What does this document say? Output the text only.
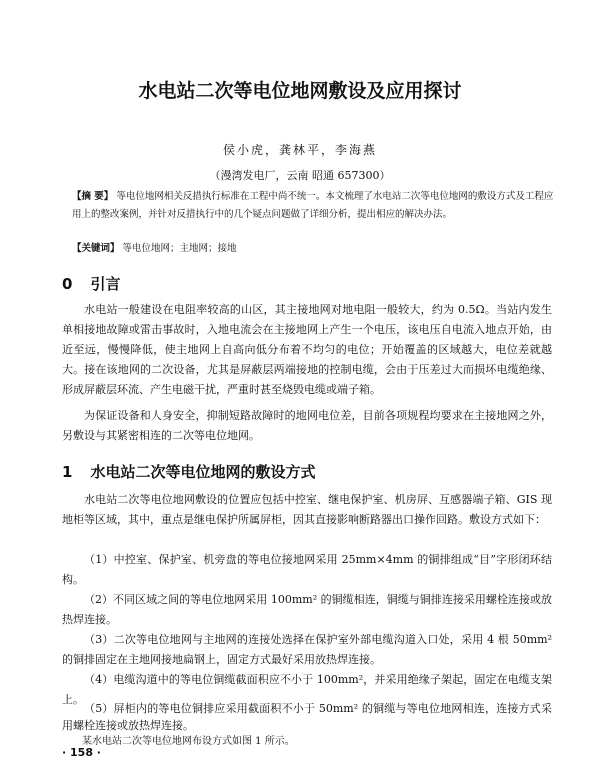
水电站二次等电位地网敷设及应用探讨
侯小虎，龚林平，李海燕
（漫湾发电厂，云南 昭通 657300）
【摘 要】 等电位地网相关反措执行标准在工程中尚不统一。本文梳理了水电站二次等电位地网的敷设方式及工程应用上的整改案例，并针对反措执行中的几个疑点问题做了详细分析，提出相应的解决办法。
【关键词】 等电位地网；主地网；接地
0 引言
水电站一般建设在电阻率较高的山区，其主接地网对地电阻一般较大，约为 0.5Ω。当站内发生单相接地故障或雷击事故时，入地电流会在主接地网上产生一个电压，该电压自电流入地点开始，由近至远，慢慢降低，使主地网上自高向低分布着不均匀的电位；开始覆盖的区域越大，电位差就越大。接在该地网的二次设备，尤其是屏蔽层两端接地的控制电缆，会由于压差过大而损坏电缆绝缘、形成屏蔽层环流、产生电磁干扰，严重时甚至烧毁电缆或端子箱。
为保证设备和人身安全，抑制短路故障时的地网电位差，目前各项规程均要求在主接地网之外，另敷设与其紧密相连的二次等电位地网。
1 水电站二次等电位地网的敷设方式
水电站二次等电位地网敷设的位置应包括中控室、继电保护室、机房屏、互感器端子箱、GIS 现地柜等区域，其中，重点是继电保护所属屏柜，因其直接影响断路器出口操作回路。敷设方式如下：
（1）中控室、保护室、机旁盘的等电位接地网采用 25mm×4mm 的铜排组成“目”字形闭环结构。
（2）不同区域之间的等电位地网采用 100mm² 的铜缆相连，铜缆与铜排连接采用螺栓连接或放热焊连接。
（3）二次等电位地网与主地网的连接处选择在保护室外部电缆沟道入口处，采用 4 根 50mm² 的铜排固定在主地网接地扁钢上，固定方式最好采用放热焊连接。
（4）电缆沟道中的等电位铜缆截面积应不小于 100mm²，并采用绝缘子架起，固定在电缆支架上。
（5）屏柜内的等电位铜排应采用截面积不小于 50mm² 的铜缆与等电位地网相连，连接方式采用螺栓连接或放热焊连接。
某水电站二次等电位地网布设方式如图 1 所示。
· 158 ·
